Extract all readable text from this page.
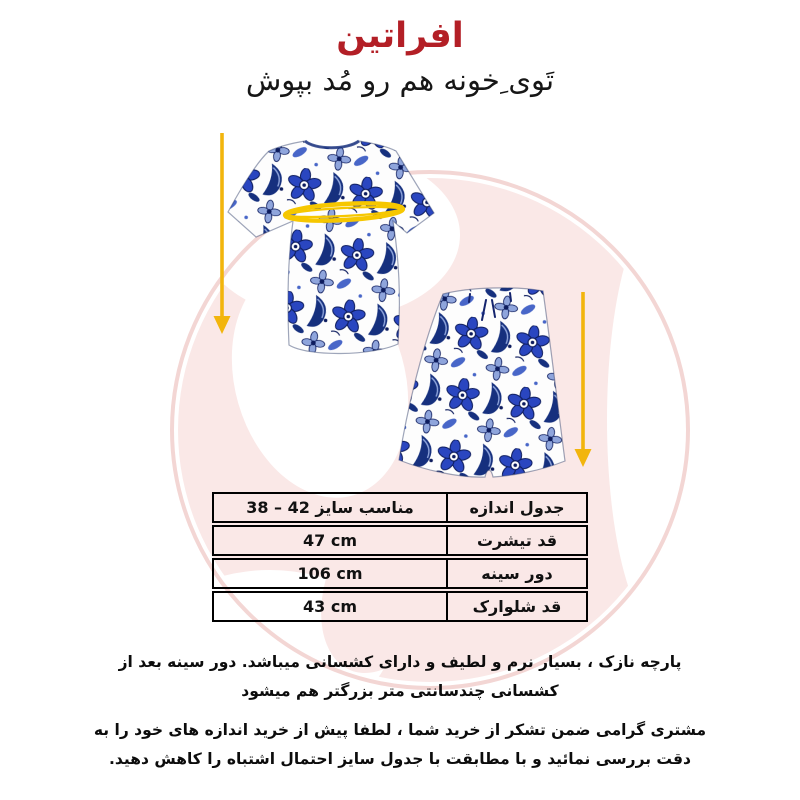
افراتین
تَوی ِخونه هم رو مُد بپوش
مناسب سایز 42 – 38	جدول اندازه
47 cm	قد تیشرت
106 cm	دور سینه
43 cm	قد شلوارک

پارچه نازک ، بسیار نرم و لطیف و دارای کشسانی میباشد. دور سینه بعد از کشسانی چندسانتی متر بزرگتر هم میشود

مشتری گرامی ضمن تشکر از خرید شما ، لطفا پیش از خرید اندازه های خود را به دقت بررسی نمائید و با مطابقت با جدول سایز احتمال اشتباه را کاهش دهید.
